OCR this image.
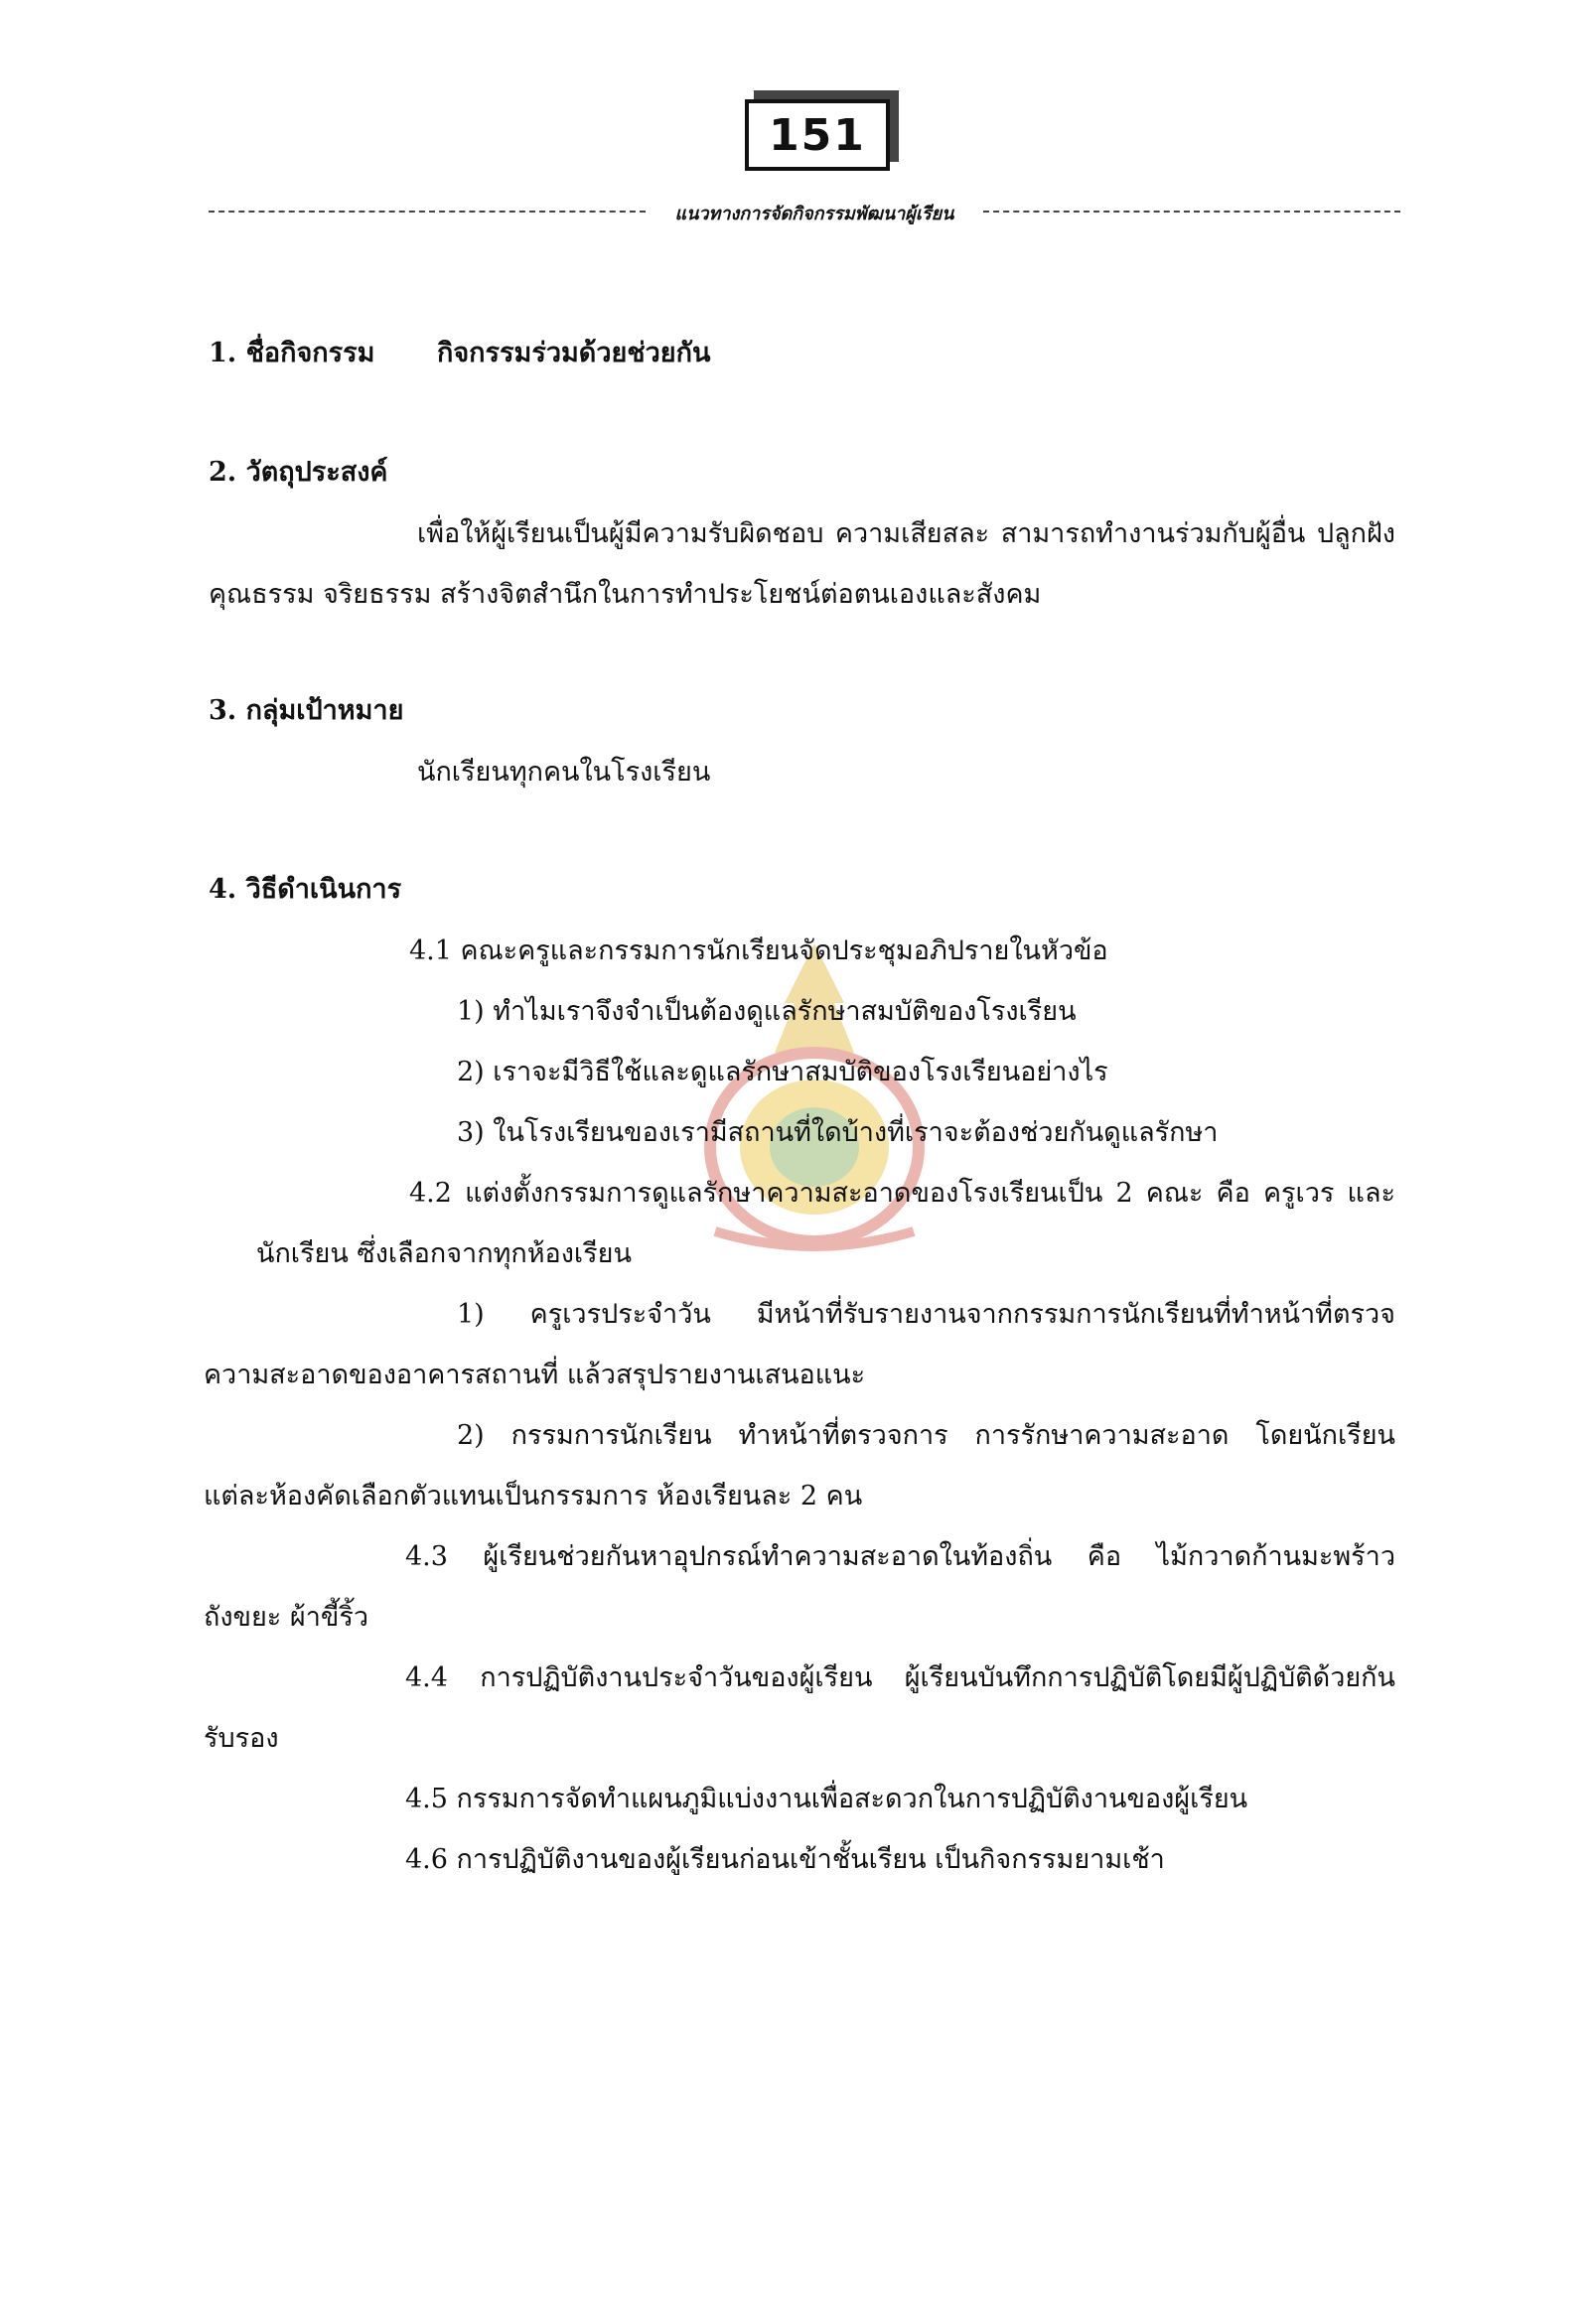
151
แนวทางการจัดกิจกรรมพัฒนาผู้เรียน
1. ชื่อกิจกรรม กิจกรรมร่วมด้วยช่วยกัน
2. วัตถุประสงค์
เพื่อให้ผู้เรียนเป็นผู้มีความรับผิดชอบ ความเสียสละ สามารถทำงานร่วมกับผู้อื่น ปลูกฝัง
คุณธรรม จริยธรรม สร้างจิตสำนึกในการทำประโยชน์ต่อตนเองและสังคม
3. กลุ่มเป้าหมาย
นักเรียนทุกคนในโรงเรียน
4. วิธีดำเนินการ
4.1 คณะครูและกรรมการนักเรียนจัดประชุมอภิปรายในหัวข้อ
1) ทำไมเราจึงจำเป็นต้องดูแลรักษาสมบัติของโรงเรียน
2) เราจะมีวิธีใช้และดูแลรักษาสมบัติของโรงเรียนอย่างไร
3) ในโรงเรียนของเรามีสถานที่ใดบ้างที่เราจะต้องช่วยกันดูแลรักษา
4.2 แต่งตั้งกรรมการดูแลรักษาความสะอาดของโรงเรียนเป็น 2 คณะ คือ ครูเวร และ
นักเรียน ซึ่งเลือกจากทุกห้องเรียน
1) ครูเวรประจำวัน มีหน้าที่รับรายงานจากกรรมการนักเรียนที่ทำหน้าที่ตรวจ
ความสะอาดของอาคารสถานที่ แล้วสรุปรายงานเสนอแนะ
2) กรรมการนักเรียน ทำหน้าที่ตรวจการ การรักษาความสะอาด โดยนักเรียน
แต่ละห้องคัดเลือกตัวแทนเป็นกรรมการ ห้องเรียนละ 2 คน
4.3 ผู้เรียนช่วยกันหาอุปกรณ์ทำความสะอาดในท้องถิ่น คือ ไม้กวาดก้านมะพร้าว
ถังขยะ ผ้าขี้ริ้ว
4.4 การปฏิบัติงานประจำวันของผู้เรียน ผู้เรียนบันทึกการปฏิบัติโดยมีผู้ปฏิบัติด้วยกัน
รับรอง
4.5 กรรมการจัดทำแผนภูมิแบ่งงานเพื่อสะดวกในการปฏิบัติงานของผู้เรียน
4.6 การปฏิบัติงานของผู้เรียนก่อนเข้าชั้นเรียน เป็นกิจกรรมยามเช้า
